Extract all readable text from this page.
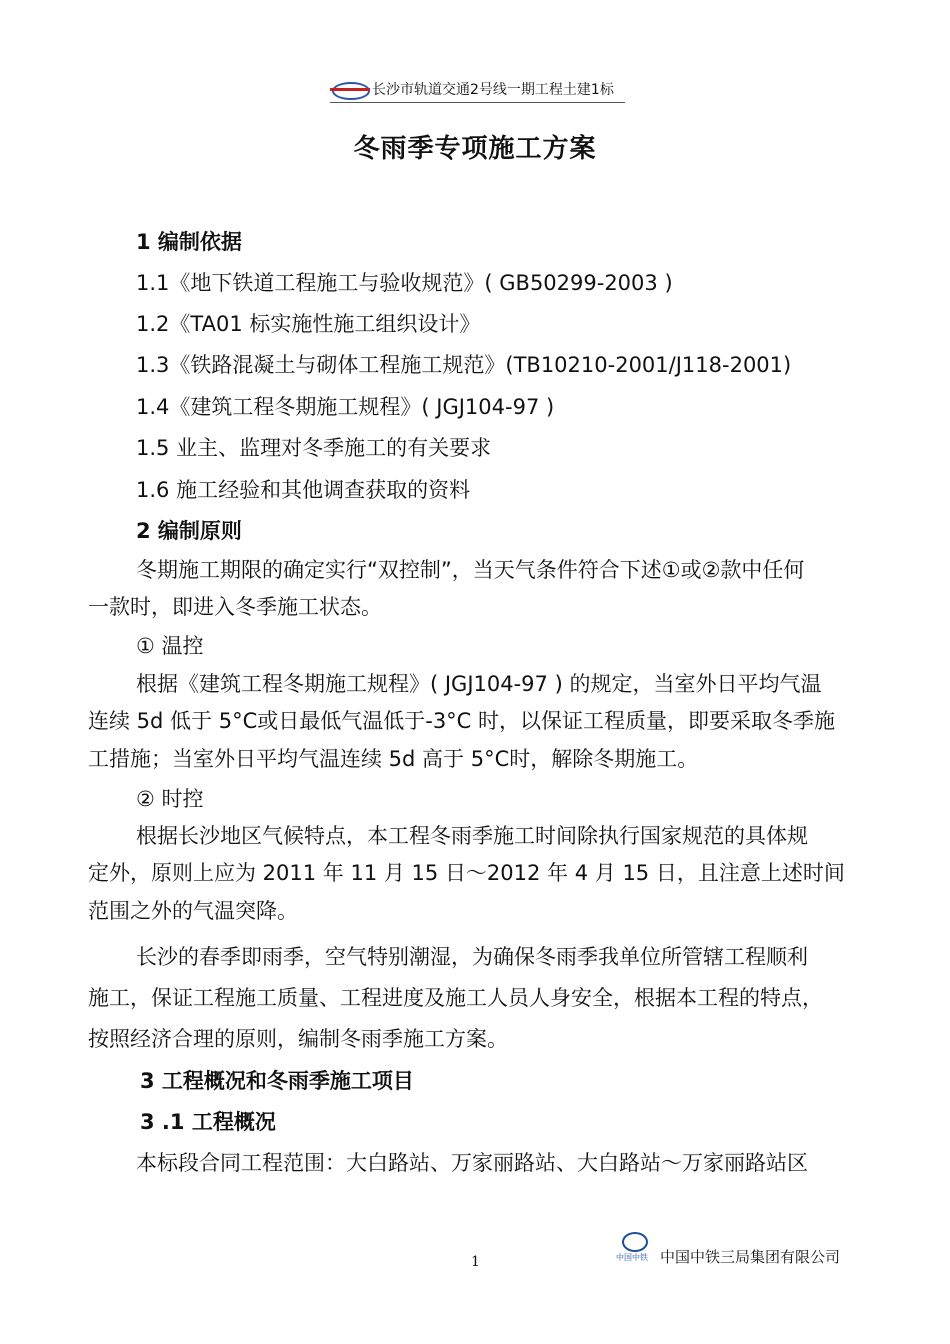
长沙市轨道交通2号线一期工程土建1标
冬雨季专项施工方案
1 编制依据
1.1《地下铁道工程施工与验收规范》( GB50299-2003 )
1.2《TA01 标实施性施工组织设计》
1.3《铁路混凝土与砌体工程施工规范》(TB10210-2001/J118-2001)
1.4《建筑工程冬期施工规程》( JGJ104-97 )
1.5 业主、监理对冬季施工的有关要求
1.6 施工经验和其他调查获取的资料
2 编制原则
冬期施工期限的确定实行“双控制”，当天气条件符合下述①或②款中任何
一款时，即进入冬季施工状态。
① 温控
根据《建筑工程冬期施工规程》( JGJ104-97 ) 的规定，当室外日平均气温
连续 5d 低于 5°C或日最低气温低于-3°C 时，以保证工程质量，即要采取冬季施
工措施；当室外日平均气温连续 5d 高于 5°C时，解除冬期施工。
② 时控
根据长沙地区气候特点，本工程冬雨季施工时间除执行国家规范的具体规
定外，原则上应为 2011 年 11 月 15 日～2012 年 4 月 15 日，且注意上述时间
范围之外的气温突降。
长沙的春季即雨季，空气特别潮湿，为确保冬雨季我单位所管辖工程顺利
施工，保证工程施工质量、工程进度及施工人员人身安全，根据本工程的特点，
按照经济合理的原则，编制冬雨季施工方案。
3 工程概况和冬雨季施工项目
3 .1 工程概况
本标段合同工程范围：大白路站、万家丽路站、大白路站～万家丽路站区
1	中国中铁 中国中铁三局集团有限公司
